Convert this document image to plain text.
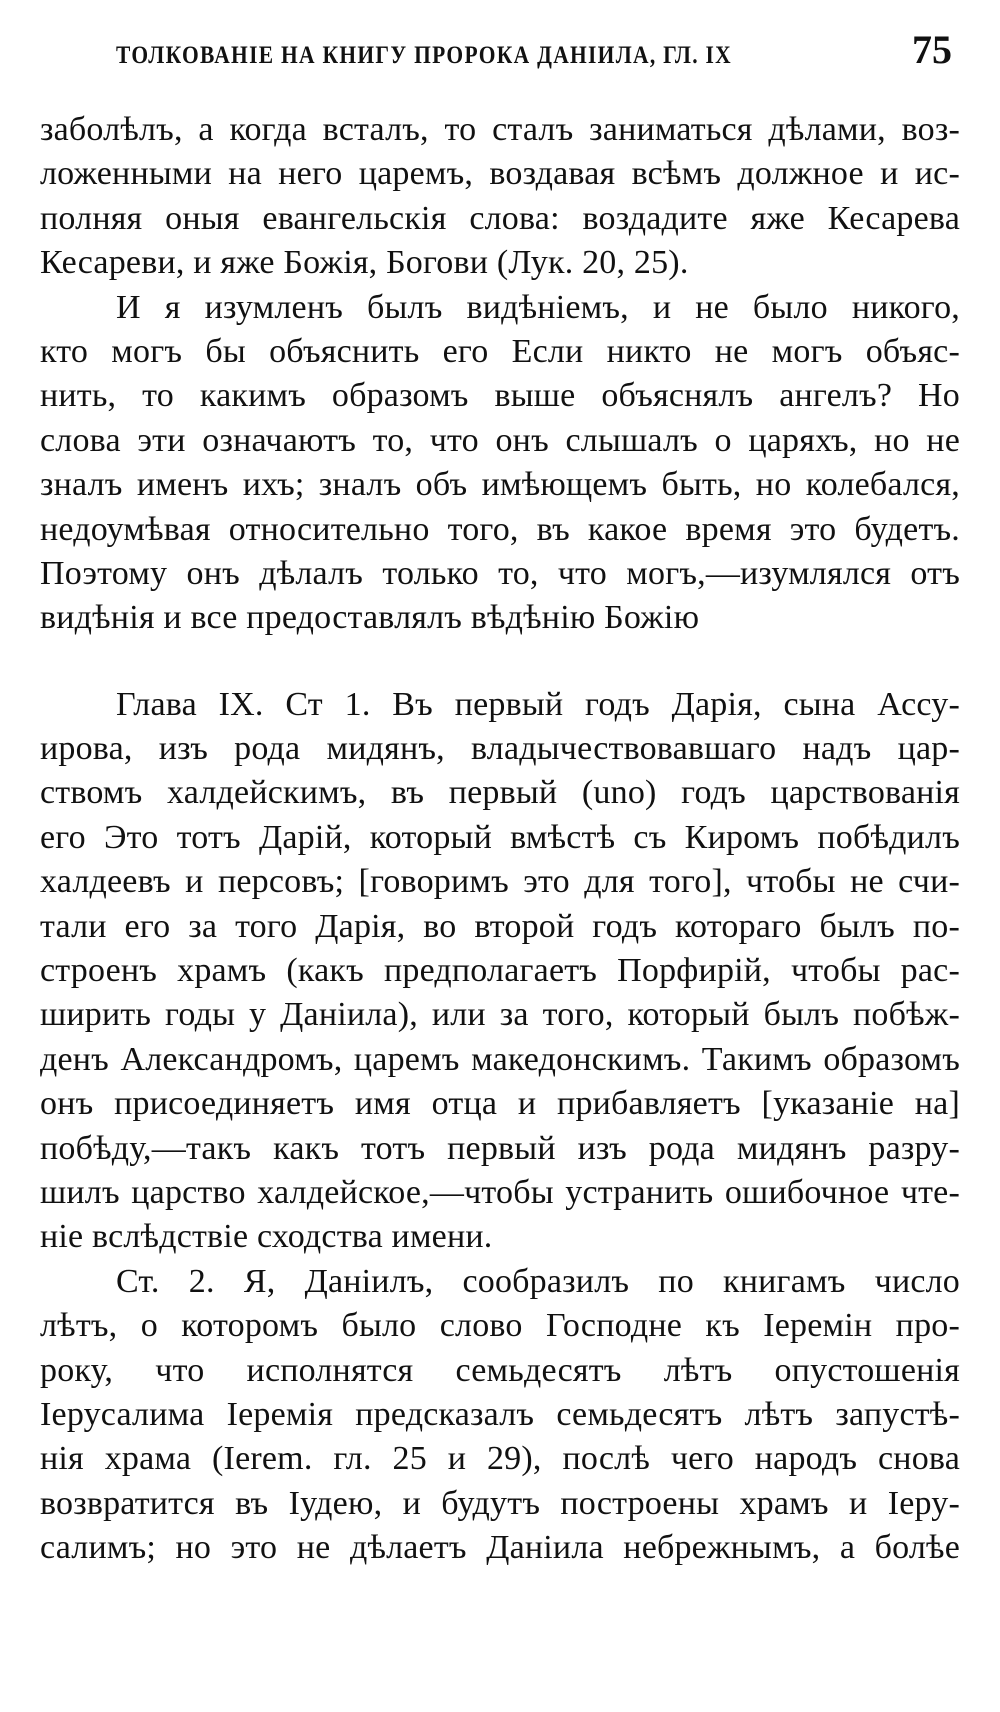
ТОЛКОВАНІЕ НА КНИГУ ПРОРОКА ДАНІИЛА, ГЛ. IX	75
заболѣлъ, а когда всталъ, то сталъ заниматься дѣлами, воз-
ложенными на него царемъ, воздавая всѣмъ должное и ис-
полняя оныя евангельскія слова: воздадите яже Кесарева
Кесареви, и яже Божія, Богови (Лук. 20, 25).
И я изумленъ былъ видѣніемъ, и не было никого,
кто могъ бы объяснить его Если никто не могъ объяс-
нить, то какимъ образомъ выше объяснялъ ангелъ? Но
слова эти означаютъ то, что онъ слышалъ о царяхъ, но не
зналъ именъ ихъ; зналъ объ имѣющемъ быть, но колебался,
недоумѣвая относительно того, въ какое время это будетъ.
Поэтому онъ дѣлалъ только то, что могъ,—изумлялся отъ
видѣнія и все предоставлялъ вѣдѣнію Божію
Глава IX. Ст 1. Въ первый годъ Дарія, сына Ассу-
ирова, изъ рода мидянъ, владычествовавшаго надъ цар-
ствомъ халдейскимъ, въ первый (uno) годъ царствованія
его Это тотъ Дарій, который вмѣстѣ съ Киромъ побѣдилъ
халдеевъ и персовъ; [говоримъ это для того], чтобы не счи-
тали его за того Дарія, во второй годъ котораго былъ по-
строенъ храмъ (какъ предполагаетъ Порфирій, чтобы рас-
ширить годы у Даніила), или за того, который былъ побѣж-
денъ Александромъ, царемъ македонскимъ. Такимъ образомъ
онъ присоединяетъ имя отца и прибавляетъ [указаніе на]
побѣду,—такъ какъ тотъ первый изъ рода мидянъ разру-
шилъ царство халдейское,—чтобы устранить ошибочное чте-
ніе вслѣдствіе сходства имени.
Ст. 2. Я, Даніилъ, сообразилъ по книгамъ число
лѣтъ, о которомъ было слово Господне къ Іеремін про-
року, что исполнятся семьдесятъ лѣтъ опустошенія
Іерусалима Іеремія предсказалъ семьдесятъ лѣтъ запустѣ-
нія храма (Ierem. гл. 25 и 29), послѣ чего народъ снова
возвратится въ Іудею, и будутъ построены храмъ и Іеру-
салимъ; но это не дѣлаетъ Даніила небрежнымъ, а болѣе
